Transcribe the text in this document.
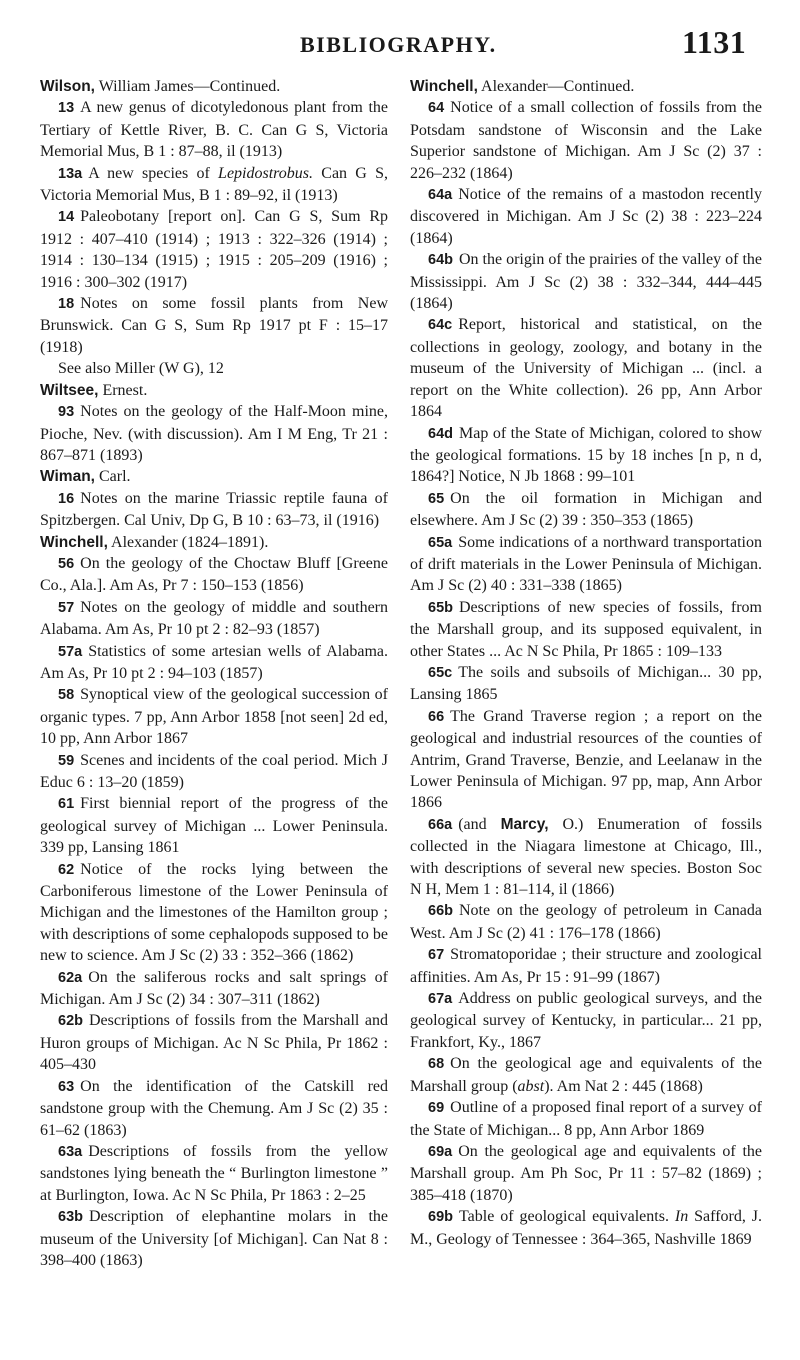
BIBLIOGRAPHY.	1131

Wilson, William James—Continued.

13 A new genus of dicotyledonous plant from the Tertiary of Kettle River, B. C. Can G S, Victoria Memorial Mus, B 1 : 87–88, il (1913)

13a A new species of Lepidostrobus. Can G S, Victoria Memorial Mus, B 1 : 89–92, il (1913)

14 Paleobotany [report on]. Can G S, Sum Rp 1912 : 407–410 (1914) ; 1913 : 322–326 (1914) ; 1914 : 130–134 (1915) ; 1915 : 205–209 (1916) ; 1916 : 300–302 (1917)

18 Notes on some fossil plants from New Brunswick. Can G S, Sum Rp 1917 pt F : 15–17 (1918)

See also Miller (W G), 12

Wiltsee, Ernest.

93 Notes on the geology of the Half-Moon mine, Pioche, Nev. (with discussion). Am I M Eng, Tr 21 : 867–871 (1893)

Wiman, Carl.

16 Notes on the marine Triassic reptile fauna of Spitzbergen. Cal Univ, Dp G, B 10 : 63–73, il (1916)

Winchell, Alexander (1824–1891).

56 On the geology of the Choctaw Bluff [Greene Co., Ala.]. Am As, Pr 7 : 150–153 (1856)

57 Notes on the geology of middle and southern Alabama. Am As, Pr 10 pt 2 : 82–93 (1857)

57a Statistics of some artesian wells of Alabama. Am As, Pr 10 pt 2 : 94–103 (1857)

58 Synoptical view of the geological succession of organic types. 7 pp, Ann Arbor 1858 [not seen] 2d ed, 10 pp, Ann Arbor 1867

59 Scenes and incidents of the coal period. Mich J Educ 6 : 13–20 (1859)

61 First biennial report of the progress of the geological survey of Michigan ... Lower Peninsula. 339 pp, Lansing 1861

62 Notice of the rocks lying between the Carboniferous limestone of the Lower Peninsula of Michigan and the limestones of the Hamilton group ; with descriptions of some cephalopods supposed to be new to science. Am J Sc (2) 33 : 352–366 (1862)

62a On the saliferous rocks and salt springs of Michigan. Am J Sc (2) 34 : 307–311 (1862)

62b Descriptions of fossils from the Marshall and Huron groups of Michigan. Ac N Sc Phila, Pr 1862 : 405–430

63 On the identification of the Catskill red sandstone group with the Chemung. Am J Sc (2) 35 : 61–62 (1863)

63a Descriptions of fossils from the yellow sandstones lying beneath the “ Burlington limestone ” at Burlington, Iowa. Ac N Sc Phila, Pr 1863 : 2–25

63b Description of elephantine molars in the museum of the University [of Michigan]. Can Nat 8 : 398–400 (1863)

Winchell, Alexander—Continued.

64 Notice of a small collection of fossils from the Potsdam sandstone of Wisconsin and the Lake Superior sandstone of Michigan. Am J Sc (2) 37 : 226–232 (1864)

64a Notice of the remains of a mastodon recently discovered in Michigan. Am J Sc (2) 38 : 223–224 (1864)

64b On the origin of the prairies of the valley of the Mississippi. Am J Sc (2) 38 : 332–344, 444–445 (1864)

64c Report, historical and statistical, on the collections in geology, zoology, and botany in the museum of the University of Michigan ... (incl. a report on the White collection). 26 pp, Ann Arbor 1864

64d Map of the State of Michigan, colored to show the geological formations. 15 by 18 inches [n p, n d, 1864?] Notice, N Jb 1868 : 99–101

65 On the oil formation in Michigan and elsewhere. Am J Sc (2) 39 : 350–353 (1865)

65a Some indications of a northward transportation of drift materials in the Lower Peninsula of Michigan. Am J Sc (2) 40 : 331–338 (1865)

65b Descriptions of new species of fossils, from the Marshall group, and its supposed equivalent, in other States ... Ac N Sc Phila, Pr 1865 : 109–133

65c The soils and subsoils of Michigan... 30 pp, Lansing 1865

66 The Grand Traverse region ; a report on the geological and industrial resources of the counties of Antrim, Grand Traverse, Benzie, and Leelanaw in the Lower Peninsula of Michigan. 97 pp, map, Ann Arbor 1866

66a (and Marcy, O.) Enumeration of fossils collected in the Niagara limestone at Chicago, Ill., with descriptions of several new species. Boston Soc N H, Mem 1 : 81–114, il (1866)

66b Note on the geology of petroleum in Canada West. Am J Sc (2) 41 : 176–178 (1866)

67 Stromatoporidae ; their structure and zoological affinities. Am As, Pr 15 : 91–99 (1867)

67a Address on public geological surveys, and the geological survey of Kentucky, in particular... 21 pp, Frankfort, Ky., 1867

68 On the geological age and equivalents of the Marshall group (abst). Am Nat 2 : 445 (1868)

69 Outline of a proposed final report of a survey of the State of Michigan... 8 pp, Ann Arbor 1869

69a On the geological age and equivalents of the Marshall group. Am Ph Soc, Pr 11 : 57–82 (1869) ; 385–418 (1870)

69b Table of geological equivalents. In Safford, J. M., Geology of Tennessee : 364–365, Nashville 1869
